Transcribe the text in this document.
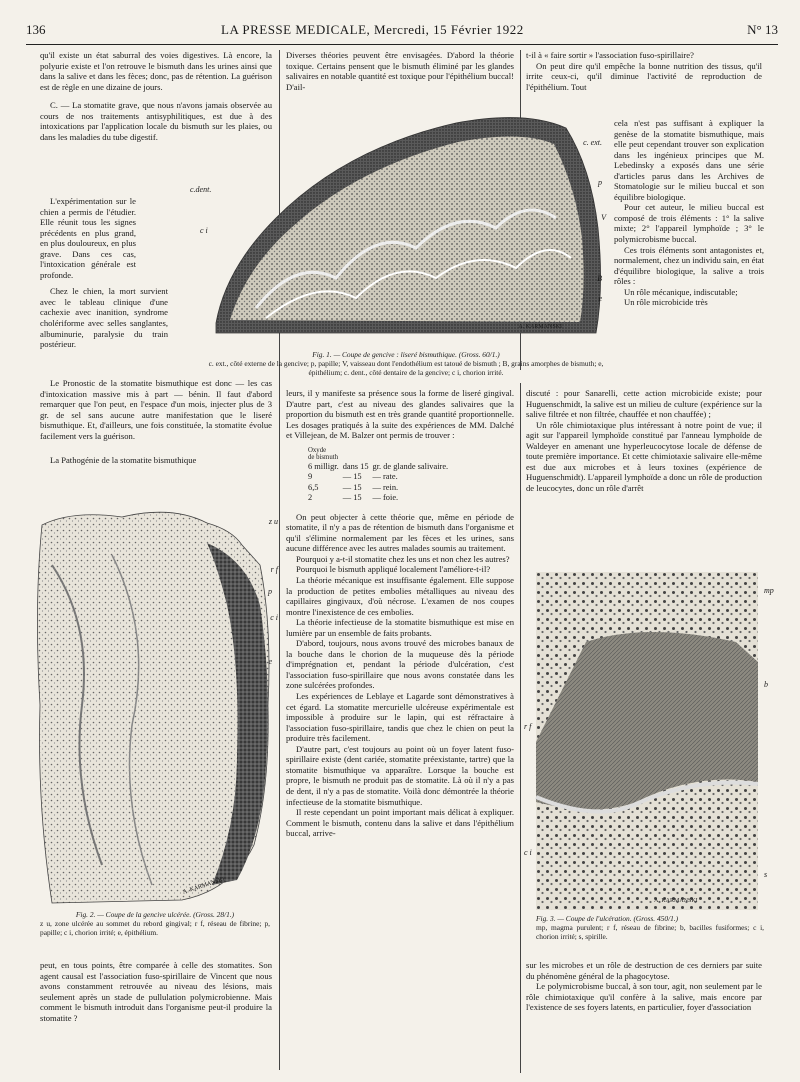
136	LA PRESSE MEDICALE, Mercredi, 15 Février 1922	N° 13

qu'il existe un état saburral des voies digestives. Là encore, la polyurie existe et l'on retrouve le bismuth dans les urines ainsi que dans la salive et dans les fèces; donc, pas de rétention. La guérison est de règle en une dizaine de jours.

C. — La stomatite grave, que nous n'avons jamais observée au cours de nos traitements antisyphilitiques, est due à des intoxications par l'application locale du bismuth sur les plaies, ou dans les maladies du tube digestif.

L'expérimentation sur le chien a permis de l'étudier. Elle réunit tous les signes précédents en plus grand, en plus douloureux, en plus grave. Dans ces cas, l'intoxication générale est profonde.

Chez le chien, la mort survient avec le tableau clinique d'une cachexie avec inanition, syndrome cholériforme avec selles sanglantes, albuminurie, paralysie du train postérieur.

Le Pronostic de la stomatite bismuthique est donc — les cas d'intoxication massive mis à part — bénin. Il faut d'abord remarquer que l'on peut, en l'espace d'un mois, injecter plus de 3 gr. de sel sans aucune autre manifestation que le liseré bismuthique. Et, d'ailleurs, une fois constituée, la stomatite évolue facilement vers la guérison.

La Pathogénie de la stomatite bismuthique
z u
r f
p
c i
e
A. KARMANSKI
Fig. 2. — Coupe de la gencive ulcérée. (Gross. 28/1.)
z u, zone ulcérée au sommet du rebord gingival; r f, réseau de fibrine; p, papille; c i, chorion irrité; e, épithélium.

peut, en tous points, être comparée à celle des stomatites. Son agent causal est l'association fuso-spirillaire de Vincent que nous avons constamment retrouvée au niveau des lésions, mais seulement après un stade de pullulation polymicrobienne. Mais comment le bismuth introduit dans l'organisme peut-il produire la stomatite ?

Diverses théories peuvent être envisagées. D'abord la théorie toxique. Certains pensent que le bismuth éliminé par les glandes salivaires en notable quantité est toxique pour l'épithélium buccal! D'ail-

t-il à « faire sortir » l'association fuso-spirillaire?

On peut dire qu'il empêche la bonne nutrition des tissus, qu'il irrite ceux-ci, qu'il diminue l'activité de reproduction de l'épithélium. Tout

c. ext.
p
V
B
e
c.dent.
c i
A. KARMANSKI

cela n'est pas suffisant à expliquer la genèse de la stomatite bismuthique, mais elle peut cependant trouver son explication dans les ingénieux principes que M. Lebedinsky a exposés dans une série d'articles parus dans les Archives de Stomatologie sur le milieu buccal et son équilibre biologique.

Pour cet auteur, le milieu buccal est composé de trois éléments : 1° la salive mixte; 2° l'appareil lymphoïde ; 3° le polymicrobisme buccal.

Ces trois éléments sont antagonistes et, normalement, chez un individu sain, en état d'équilibre biologique, la salive a trois rôles :

Un rôle mécanique, indiscutable;

Un rôle microbicide très

Fig. 1. — Coupe de gencive : liseré bismuthique. (Gross. 60/1.)
c. ext., côté externe de la gencive; p, papille; V, vaisseau dont l'endothélium est tatoué de bismuth ; B, grains amorphes de bismuth; e, épithélium; c. dent., côté dentaire de la gencive; c i, chorion irrité.

leurs, il y manifeste sa présence sous la forme de liseré gingival. D'autre part, c'est au niveau des glandes salivaires que la proportion du bismuth est en très grande quantité proportionnelle. Les dosages pratiqués à la suite des expériences de MM. Dalché et Villejean, de M. Balzer ont permis de trouver :

Oxyde
de bismuth
6 milligr.	dans 15	gr. de glande salivaire.
9	— 15	— rate.
6,5	— 15	— rein.
2	— 15	— foie.

On peut objecter à cette théorie que, même en période de stomatite, il n'y a pas de rétention de bismuth dans l'organisme et qu'il s'élimine normalement par les fèces et les urines, sans aucune différence avec les autres malades soumis au traitement.

Pourquoi y a-t-il stomatite chez les uns et non chez les autres?

Pourquoi le bismuth appliqué localement l'améliore-t-il?

La théorie mécanique est insuffisante également. Elle suppose la production de petites embolies métalliques au niveau des capillaires gingivaux, d'où nécrose. L'examen de nos coupes montre l'inexistence de ces embolies.

La théorie infectieuse de la stomatite bismuthique est mise en lumière par un ensemble de faits probants.

D'abord, toujours, nous avons trouvé des microbes banaux de la bouche dans le chorion de la muqueuse dès la période d'imprégnation et, pendant la période d'ulcération, c'est l'association fuso-spirillaire que nous avons constatée dans les zone sulcérées profondes.

Les expériences de Leblaye et Lagarde sont démonstratives à cet égard. La stomatite mercurielle ulcéreuse expérimentale est impossible à produire sur le lapin, qui est réfractaire à l'association fuso-spirillaire, tandis que chez le chien on peut la produire très facilement.

D'autre part, c'est toujours au point où un foyer latent fuso-spirillaire existe (dent cariée, stomatite préexistante, tartre) que la stomatite bismuthique va apparaître. Lorsque la bouche est propre, le bismuth ne produit pas de stomatite. Là où il n'y a pas de dent, il n'y a pas de stomatite. Voilà donc démontrée la théorie infectieuse de la stomatite bismuthique.

Il reste cependant un point important mais délicat à expliquer. Comment le bismuth, contenu dans la salive et dans l'épithélium buccal, arrive-

discuté : pour Sanarelli, cette action microbicide existe; pour Huguenschmidt, la salive est un milieu de culture (expérience sur la salive filtrée et non filtrée, chauffée et non chauffée) ;

Un rôle chimiotaxique plus intéressant à notre point de vue; il agit sur l'appareil lymphoïde constitué par l'anneau lymphoïde de Waldeyer en amenant une hyperleucocytose locale de défense de toute première importance. Et cette chimiotaxie salivaire elle-même est due aux microbes et à leurs toxines (expérience de Huguenschmidt). L'appareil lymphoïde a donc un rôle de production de leucocytes, donc un rôle d'arrêt

A. KARMANSKI
mp
b
r f
c i
s
Fig. 3. — Coupe de l'ulcération. (Gross. 450/1.)
mp, magma purulent; r f, réseau de fibrine; b, bacilles fusiformes; c i, chorion irrité; s, spirille.

sur les microbes et un rôle de destruction de ces derniers par suite du phénomène général de la phagocytose.

Le polymicrobisme buccal, à son tour, agit, non seulement par le rôle chimiotaxique qu'il confère à la salive, mais encore par l'existence de ses foyers latents, en particulier, foyer d'association
